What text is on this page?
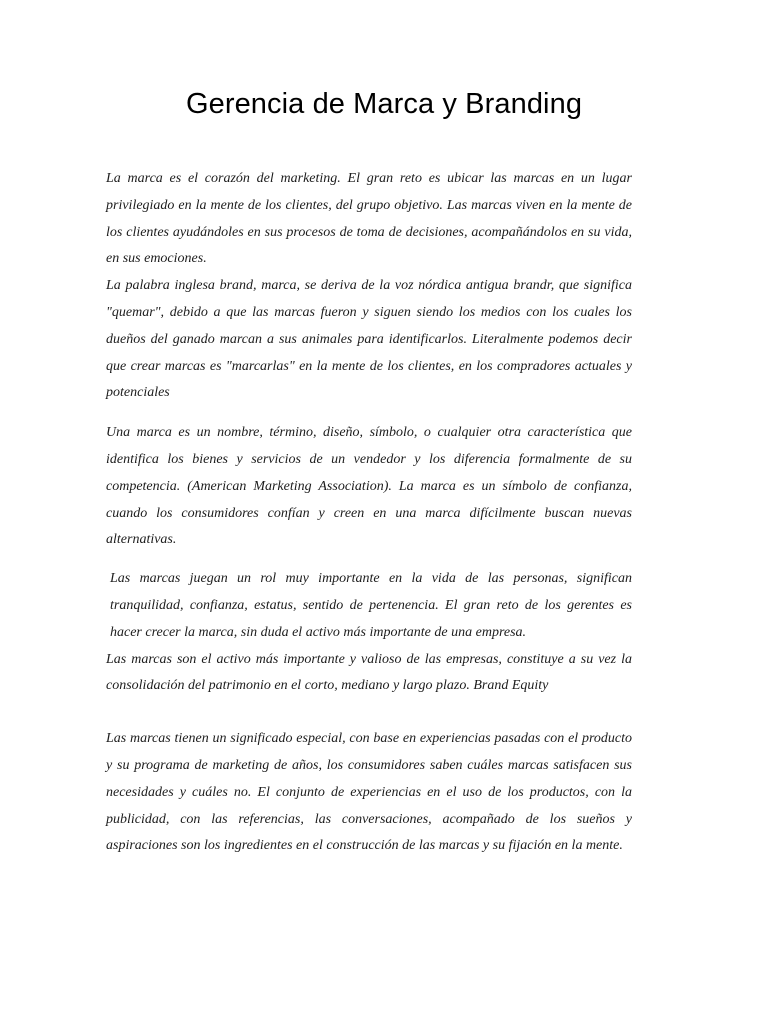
Gerencia de Marca y Branding

La marca es el corazón del marketing. El gran reto es ubicar las marcas en un lugar privilegiado en la mente de los clientes, del grupo objetivo. Las marcas viven en la mente de los clientes ayudándoles en sus procesos de toma de decisiones, acompañándolos en su vida, en sus emociones.

La palabra inglesa brand, marca, se deriva de la voz nórdica antigua brandr, que significa "quemar", debido a que las marcas fueron y siguen siendo los medios con los cuales los dueños del ganado marcan a sus animales para identificarlos. Literalmente podemos decir que crear marcas es "marcarlas" en la mente de los clientes, en los compradores actuales y potenciales

Una marca es un nombre, término, diseño, símbolo, o cualquier otra característica que identifica los bienes y servicios de un vendedor y los diferencia formalmente de su competencia. (American Marketing Association). La marca es un símbolo de confianza, cuando los consumidores confían y creen en una marca difícilmente buscan nuevas alternativas.

Las marcas juegan un rol muy importante en la vida de las personas, significan tranquilidad, confianza, estatus, sentido de pertenencia. El gran reto de los gerentes es hacer crecer la marca, sin duda el activo más importante de una empresa.

Las marcas son el activo más importante y valioso de las empresas, constituye a su vez la consolidación del patrimonio en el corto, mediano y largo plazo. Brand Equity

Las marcas tienen un significado especial, con base en experiencias pasadas con el producto y su programa de marketing de años, los consumidores saben cuáles marcas satisfacen sus necesidades y cuáles no. El conjunto de experiencias en el uso de los productos, con la publicidad, con las referencias, las conversaciones, acompañado de los sueños y aspiraciones son los ingredientes en el construcción de las marcas y su fijación en la mente.
